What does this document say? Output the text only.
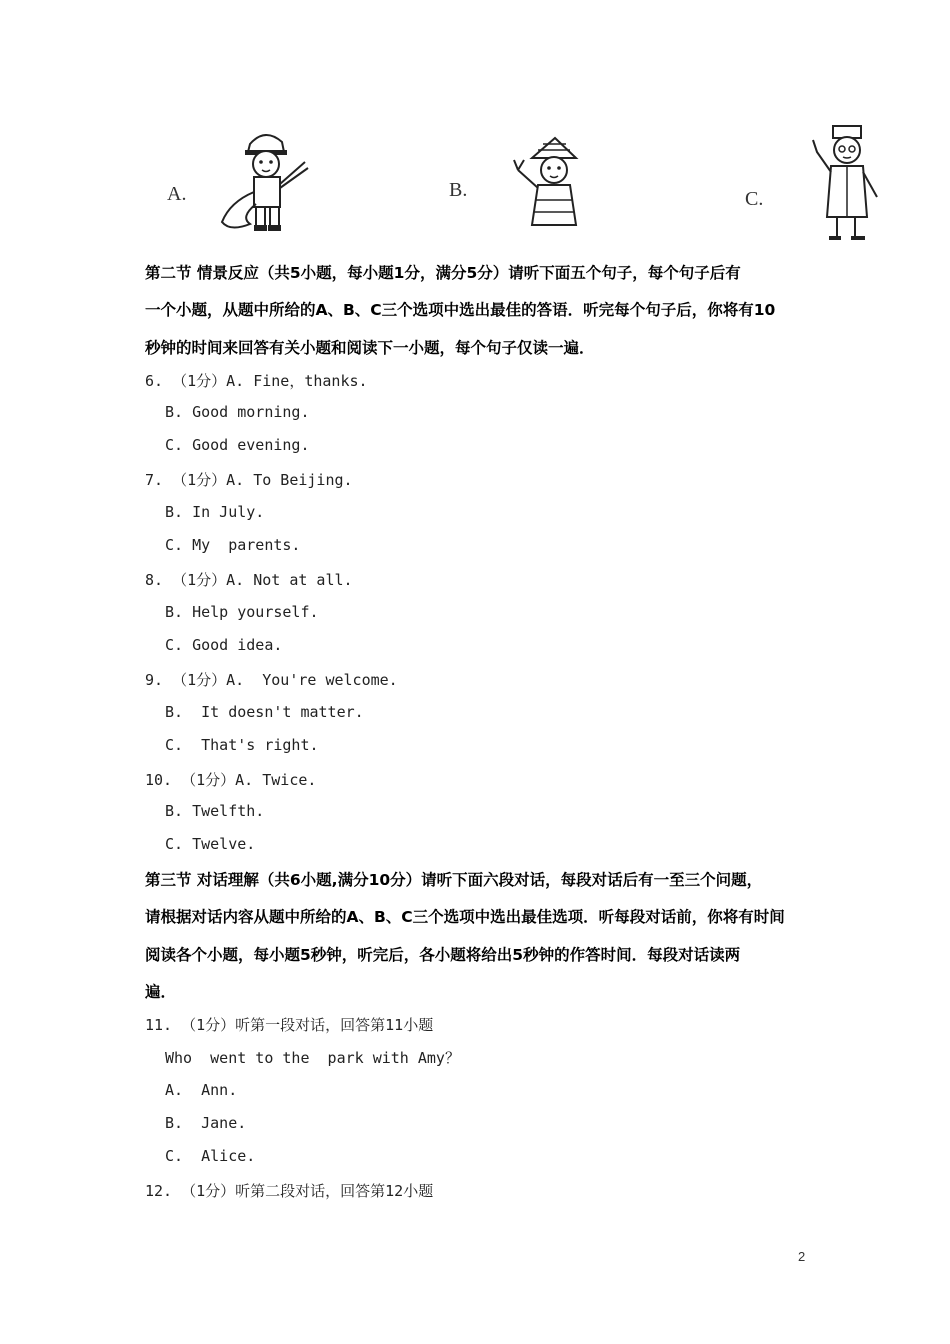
A.	B.	C.
第二节 情景反应（共5小题，每小题1分，满分5分）请听下面五个句子，每个句子后有
一个小题，从题中所给的A、B、C三个选项中选出最佳的答语．听完每个句子后，你将有10
秒钟的时间来回答有关小题和阅读下一小题，每个句子仅读一遍．
6. （1分）A. Fine，thanks.
B. Good morning.
C. Good evening.
7. （1分）A. To Beijing.
B. In July.
C. My  parents.
8. （1分）A. Not at all.
B. Help yourself.
C. Good idea.
9. （1分）A.  You're welcome.
B.  It doesn't matter.
C.  That's right.
10. （1分）A. Twice.
B. Twelfth.
C. Twelve.
第三节 对话理解（共6小题,满分10分）请听下面六段对话，每段对话后有一至三个问题，
请根据对话内容从题中所给的A、B、C三个选项中选出最佳选项．听每段对话前，你将有时间
阅读各个小题，每小题5秒钟，听完后，各小题将给出5秒钟的作答时间．每段对话读两
遍．
11. （1分）听第一段对话，回答第11小题
Who  went to the  park with Amy？
A.  Ann.
B.  Jane.
C.  Alice.
12. （1分）听第二段对话，回答第12小题
2
